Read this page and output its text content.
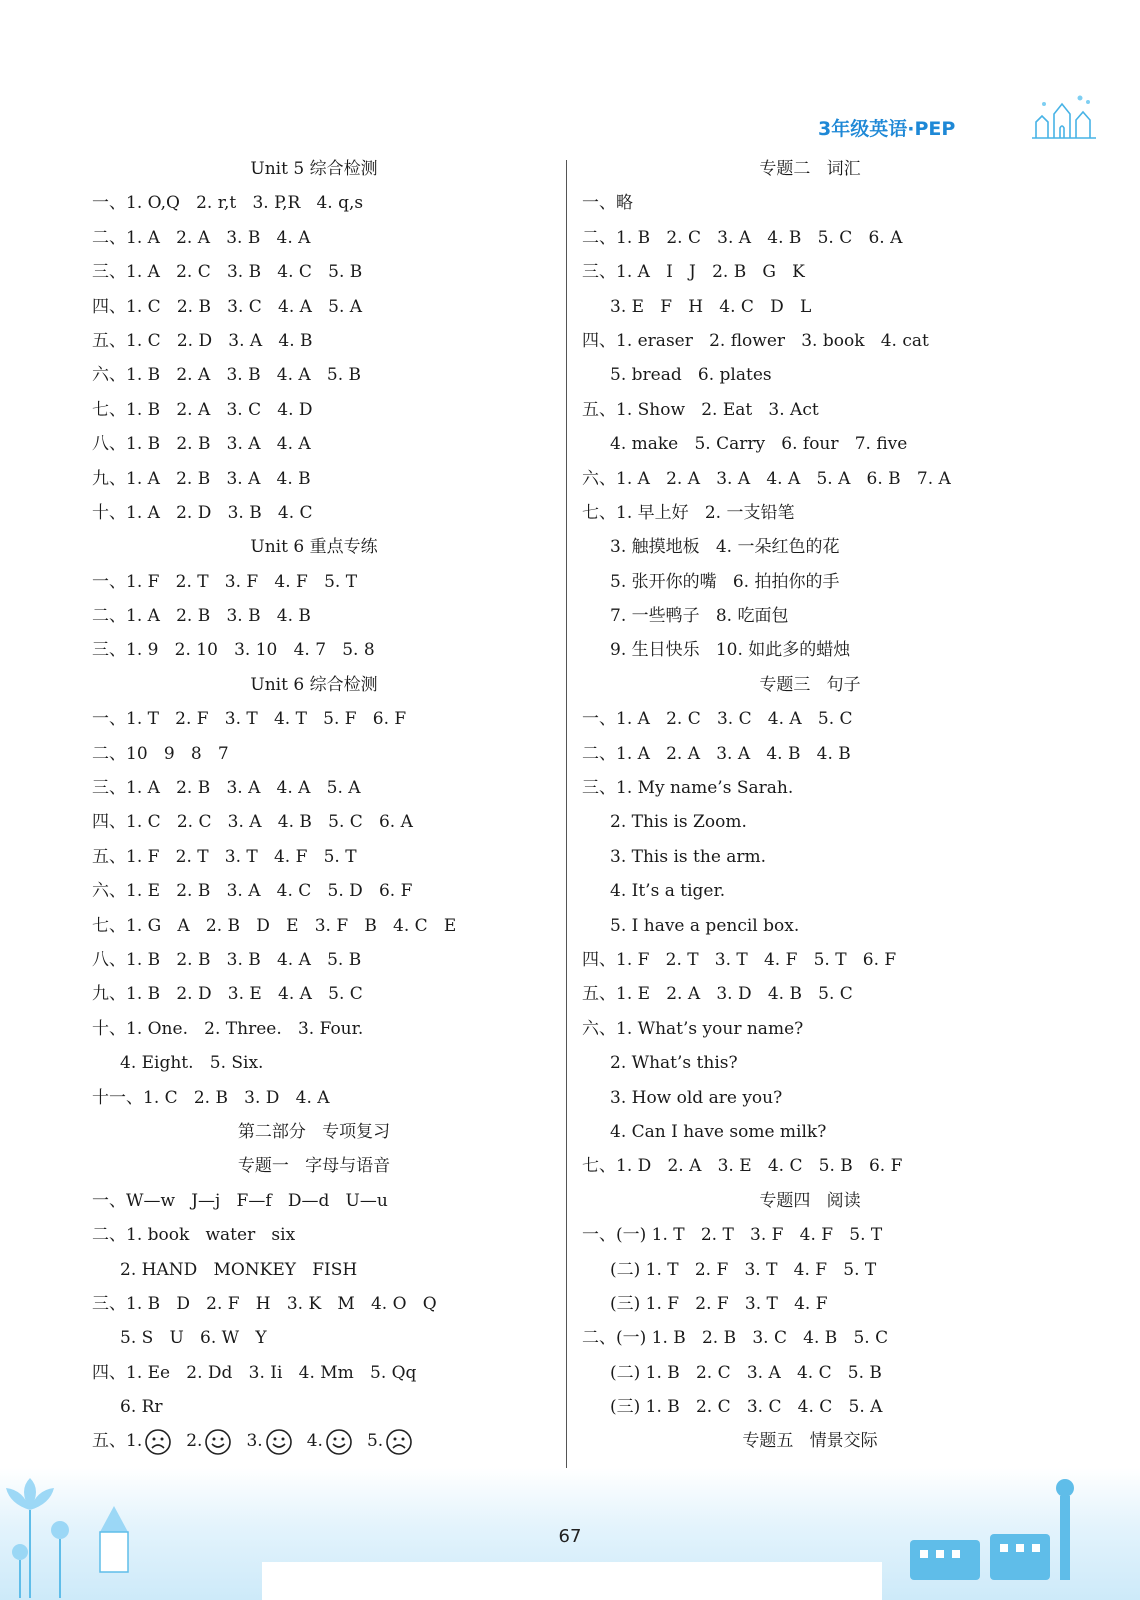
3年级英语·PEP
Unit 5 综合检测
一、1. O,Q   2. r,t   3. P,R   4. q,s
二、1. A   2. A   3. B   4. A
三、1. A   2. C   3. B   4. C   5. B
四、1. C   2. B   3. C   4. A   5. A
五、1. C   2. D   3. A   4. B
六、1. B   2. A   3. B   4. A   5. B
七、1. B   2. A   3. C   4. D
八、1. B   2. B   3. A   4. A
九、1. A   2. B   3. A   4. B
十、1. A   2. D   3. B   4. C
Unit 6 重点专练
一、1. F   2. T   3. F   4. F   5. T
二、1. A   2. B   3. B   4. B
三、1. 9   2. 10   3. 10   4. 7   5. 8
Unit 6 综合检测
一、1. T   2. F   3. T   4. T   5. F   6. F
二、10   9   8   7
三、1. A   2. B   3. A   4. A   5. A
四、1. C   2. C   3. A   4. B   5. C   6. A
五、1. F   2. T   3. T   4. F   5. T
六、1. E   2. B   3. A   4. C   5. D   6. F
七、1. G   A   2. B   D   E   3. F   B   4. C   E
八、1. B   2. B   3. B   4. A   5. B
九、1. B   2. D   3. E   4. A   5. C
十、1. One.   2. Three.   3. Four.
4. Eight.   5. Six.
十一、1. C   2. B   3. D   4. A
第二部分   专项复习
专题一   字母与语音
一、W—w   J—j   F—f   D—d   U—u
二、1. book   water   six
2. HAND   MONKEY   FISH
三、1. B   D   2. F   H   3. K   M   4. O   Q
5. S   U   6. W   Y
四、1. Ee   2. Dd   3. Ii   4. Mm   5. Qq
6. Rr
五、 1.	2.	3.	4.	5.
专题二   词汇
一、略
二、1. B   2. C   3. A   4. B   5. C   6. A
三、1. A   I   J   2. B   G   K
3. E   F   H   4. C   D   L
四、1. eraser   2. flower   3. book   4. cat
5. bread   6. plates
五、1. Show   2. Eat   3. Act
4. make   5. Carry   6. four   7. five
六、1. A   2. A   3. A   4. A   5. A   6. B   7. A
七、1. 早上好   2. 一支铅笔
3. 触摸地板   4. 一朵红色的花
5. 张开你的嘴   6. 拍拍你的手
7. 一些鸭子   8. 吃面包
9. 生日快乐   10. 如此多的蜡烛
专题三   句子
一、1. A   2. C   3. C   4. A   5. C
二、1. A   2. A   3. A   4. B   4. B
三、1. My name’s Sarah.
2. This is Zoom.
3. This is the arm.
4. It’s a tiger.
5. I have a pencil box.
四、1. F   2. T   3. T   4. F   5. T   6. F
五、1. E   2. A   3. D   4. B   5. C
六、1. What’s your name?
2. What’s this?
3. How old are you?
4. Can I have some milk?
七、1. D   2. A   3. E   4. C   5. B   6. F
专题四   阅读
一、(一) 1. T   2. T   3. F   4. F   5. T
(二) 1. T   2. F   3. T   4. F   5. T
(三) 1. F   2. F   3. T   4. F
二、(一) 1. B   2. B   3. C   4. B   5. C
(二) 1. B   2. C   3. A   4. C   5. B
(三) 1. B   2. C   3. C   4. C   5. A
专题五   情景交际
67
